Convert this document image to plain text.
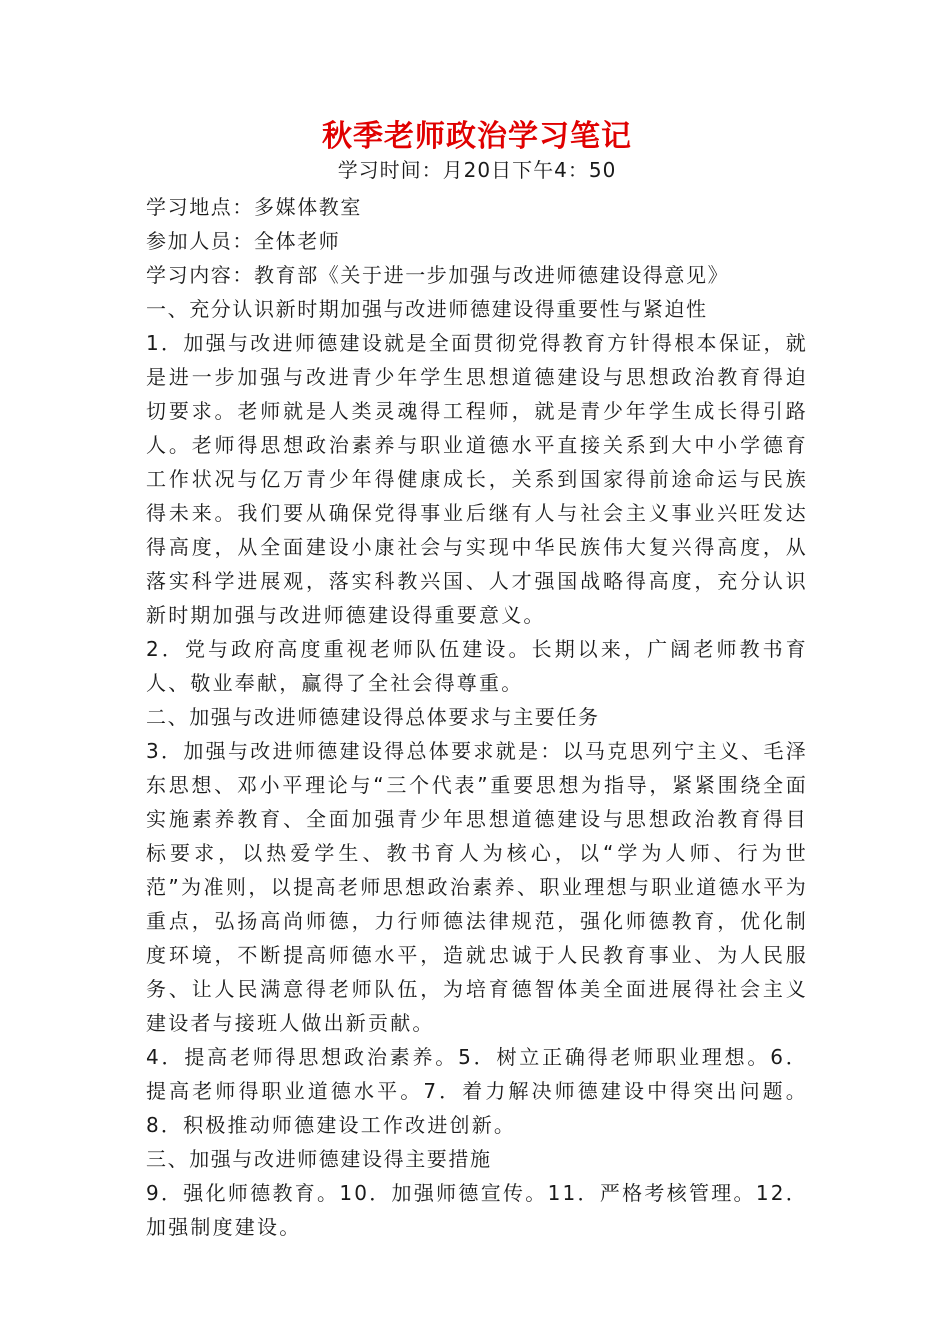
秋季老师政治学习笔记

学习时间：月20日下午4：50

学习地点：多媒体教室

参加人员：全体老师

学习内容：教育部《关于进一步加强与改进师德建设得意见》

一、充分认识新时期加强与改进师德建设得重要性与紧迫性

1．加强与改进师德建设就是全面贯彻党得教育方针得根本保证，就是进一步加强与改进青少年学生思想道德建设与思想政治教育得迫切要求。老师就是人类灵魂得工程师，就是青少年学生成长得引路人。老师得思想政治素养与职业道德水平直接关系到大中小学德育工作状况与亿万青少年得健康成长，关系到国家得前途命运与民族得未来。我们要从确保党得事业后继有人与社会主义事业兴旺发达得高度，从全面建设小康社会与实现中华民族伟大复兴得高度，从落实科学进展观，落实科教兴国、人才强国战略得高度，充分认识新时期加强与改进师德建设得重要意义。

2．党与政府高度重视老师队伍建设。长期以来，广阔老师教书育人、敬业奉献，赢得了全社会得尊重。

二、加强与改进师德建设得总体要求与主要任务

3．加强与改进师德建设得总体要求就是：以马克思列宁主义、毛泽东思想、邓小平理论与“三个代表”重要思想为指导，紧紧围绕全面实施素养教育、全面加强青少年思想道德建设与思想政治教育得目标要求，以热爱学生、教书育人为核心，以“学为人师、行为世范”为准则，以提高老师思想政治素养、职业理想与职业道德水平为重点，弘扬高尚师德，力行师德法律规范，强化师德教育，优化制度环境，不断提高师德水平，造就忠诚于人民教育事业、为人民服务、让人民满意得老师队伍，为培育德智体美全面进展得社会主义建设者与接班人做出新贡献。

4．提高老师得思想政治素养。5．树立正确得老师职业理想。6．提高老师得职业道德水平。7．着力解决师德建设中得突出问题。8．积极推动师德建设工作改进创新。

三、加强与改进师德建设得主要措施

9．强化师德教育。10．加强师德宣传。11．严格考核管理。12．加强制度建设。
